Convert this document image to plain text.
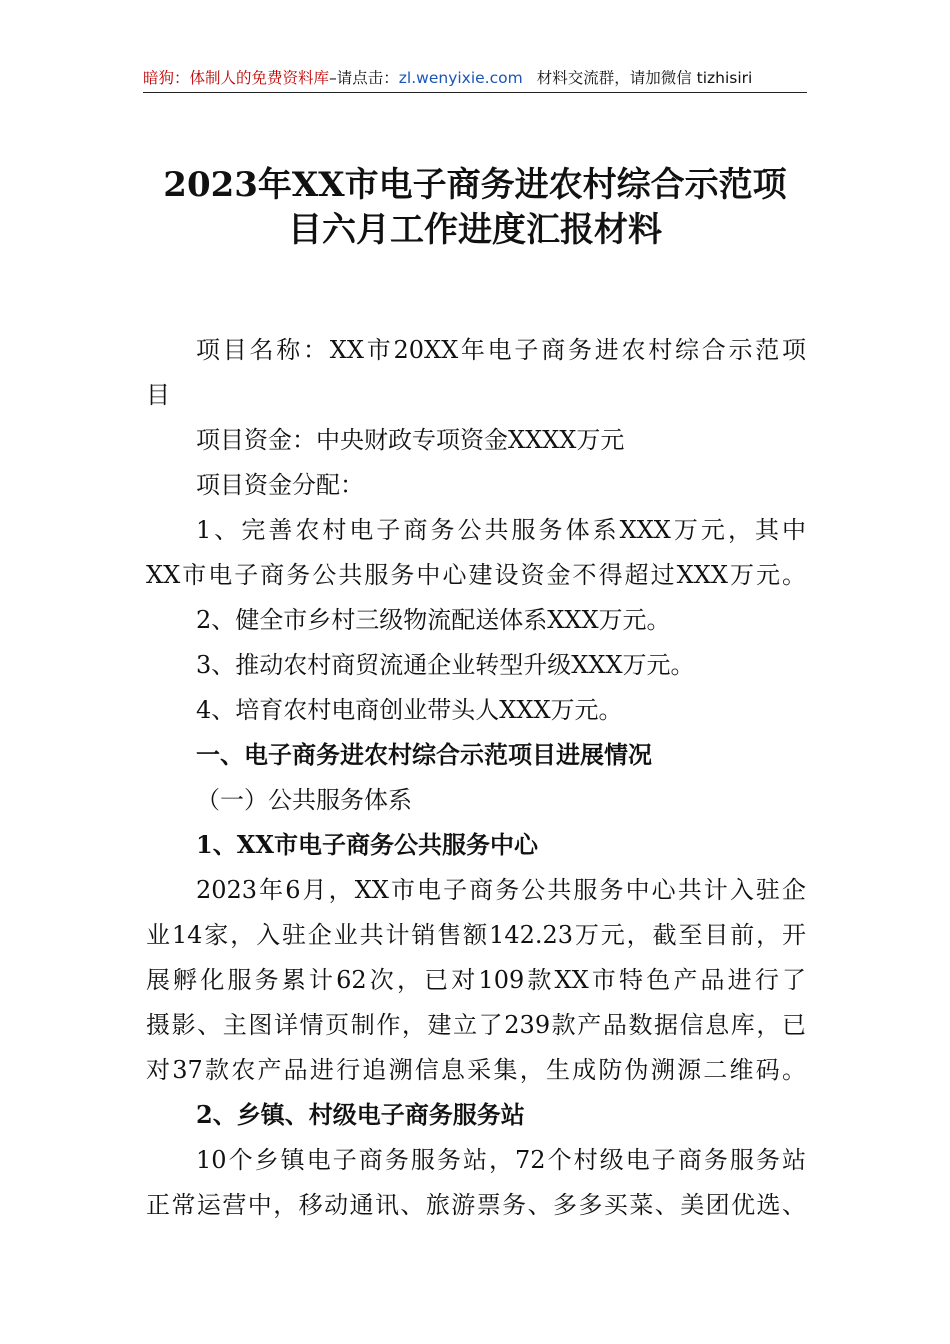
暗狗：体制人的免费资料库–请点击：zl.wenyixie.com 材料交流群，请加微信 tizhisiri
2023年XX市电子商务进农村综合示范项
目六月工作进度汇报材料
项目名称：XX市20XX年电子商务进农村综合示范项
目
项目资金：中央财政专项资金XXXX万元
项目资金分配：
1、完善农村电子商务公共服务体系XXX万元，其中
XX市电子商务公共服务中心建设资金不得超过XXX万元。
2、健全市乡村三级物流配送体系XXX万元。
3、推动农村商贸流通企业转型升级XXX万元。
4、培育农村电商创业带头人XXX万元。
一、电子商务进农村综合示范项目进展情况
（一）公共服务体系
1、XX市电子商务公共服务中心
2023年6月，XX市电子商务公共服务中心共计入驻企
业14家，入驻企业共计销售额142.23万元，截至目前，开
展孵化服务累计62次，已对109款XX市特色产品进行了
摄影、主图详情页制作，建立了239款产品数据信息库，已
对37款农产品进行追溯信息采集，生成防伪溯源二维码。
2、乡镇、村级电子商务服务站
10个乡镇电子商务服务站，72个村级电子商务服务站
正常运营中，移动通讯、旅游票务、多多买菜、美团优选、
